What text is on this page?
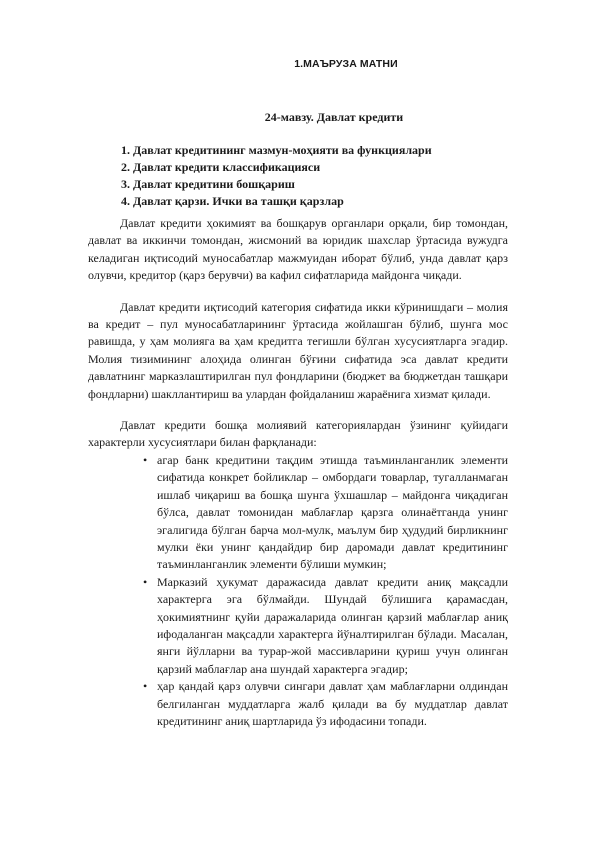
1.МАЪРУЗА МАТНИ
24-мавзу. Давлат кредити
1. Давлат кредитининг мазмун-моҳияти ва функциялари
2. Давлат кредити классификацияси
3. Давлат кредитини бошқариш
4. Давлат қарзи. Ички ва ташқи қарзлар

Давлат кредити ҳокимият ва бошқарув органлари орқали, бир томондан, давлат ва иккинчи томондан, жисмоний ва юридик шахслар ўртасида вужудга келадиган иқтисодий муносабатлар мажмуидан иборат бўлиб, унда давлат қарз олувчи, кредитор (қарз берувчи) ва кафил сифатларида майдонга чиқади.

Давлат кредити иқтисодий категория сифатида икки кўринишдаги – молия ва кредит – пул муносабатларининг ўртасида жойлашган бўлиб, шунга мос равишда, у ҳам молияга ва ҳам кредитга тегишли бўлган хусусиятларга эгадир. Молия тизимининг алоҳида олинган бўғини сифатида эса давлат кредити давлатнинг марказлаштирилган пул фондларини (бюджет ва бюджетдан ташқари фондларни) шакллантириш ва улардан фойдаланиш жараёнига хизмат қилади.

Давлат кредити бошқа молиявий категориялардан ўзининг қуйидаги характерли хусусиятлари билан фарқланади:

• агар банк кредитини тақдим этишда таъминланганлик элементи сифатида конкрет бойликлар – омбордаги товарлар, тугалланмаган ишлаб чиқариш ва бошқа шунга ўхшашлар – майдонга чиқадиган бўлса, давлат томонидан маблағлар қарзга олинаётганда унинг эгалигида бўлган барча мол-мулк, маълум бир ҳудудий бирликнинг мулки ёки унинг қандайдир бир даромади давлат кредитининг таъминланганлик элементи бўлиши мумкин;
• Марказий ҳукумат даражасида давлат кредити аниқ мақсадли характерга эга бўлмайди. Шундай бўлишига қарамасдан, ҳокимиятнинг қуйи даражаларида олинган қарзий маблағлар аниқ ифодаланган мақсадли характерга йўналтирилган бўлади. Масалан, янги йўлларни ва турар-жой массивларини қуриш учун олинган қарзий маблағлар ана шундай характерга эгадир;
• ҳар қандай қарз олувчи сингари давлат ҳам маблағларни олдиндан белгиланган муддатларга жалб қилади ва бу муддатлар давлат кредитининг аниқ шартларида ўз ифодасини топади.
